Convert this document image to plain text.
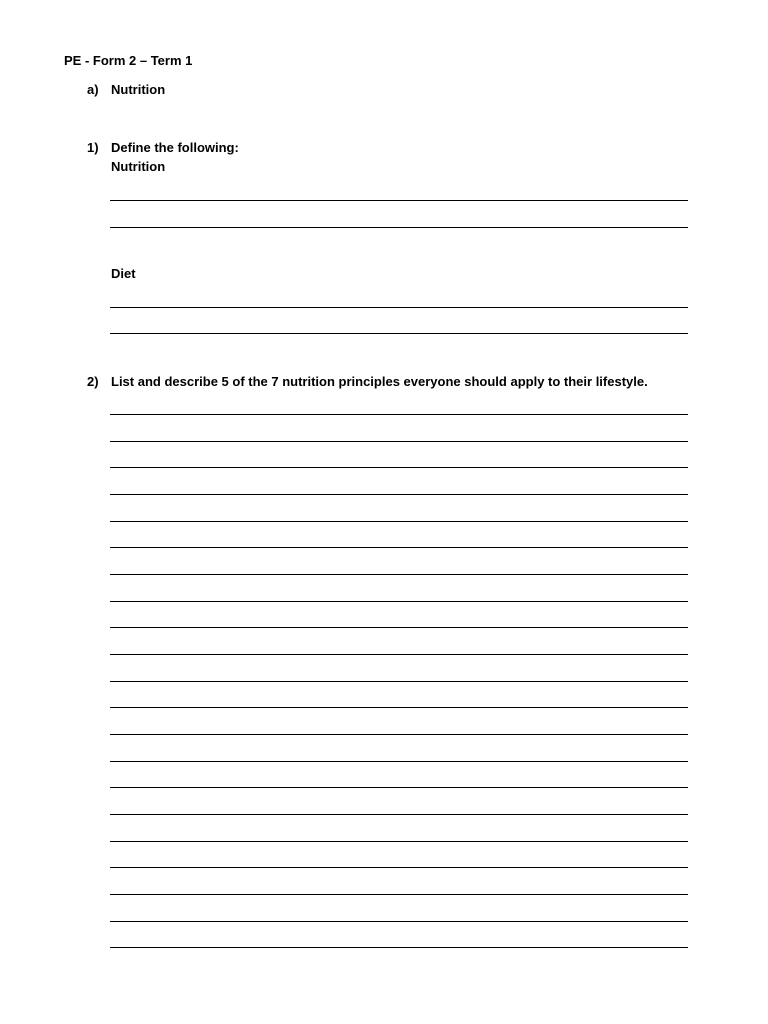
PE - Form 2 – Term 1
a) Nutrition
1) Define the following:
Nutrition
Diet
2) List and describe 5 of the 7 nutrition principles everyone should apply to their lifestyle.
